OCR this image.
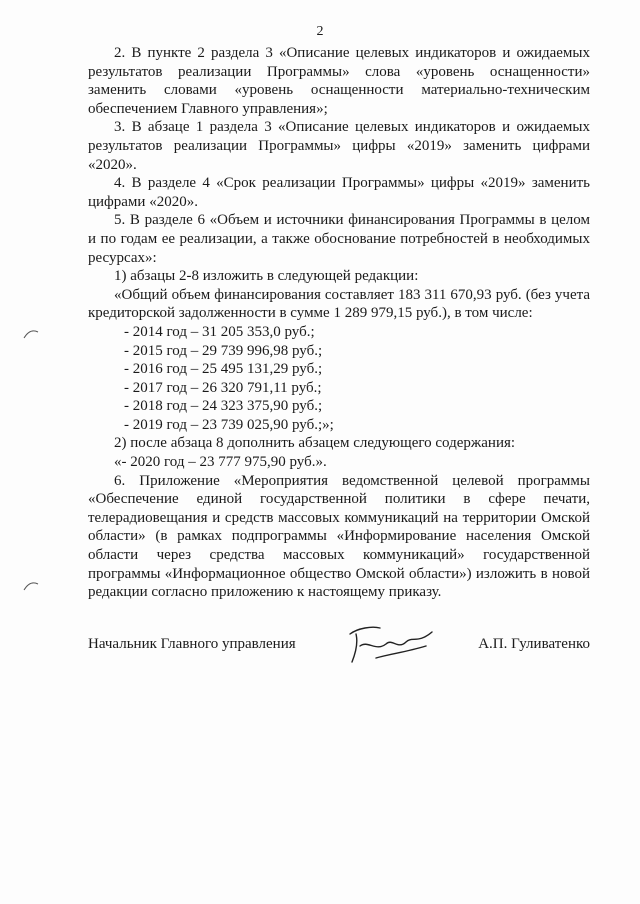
2

2. В пункте 2 раздела 3 «Описание целевых индикаторов и ожидаемых результатов реализации Программы» слова «уровень оснащенности» заменить словами «уровень оснащенности материально-техническим обеспечением Главного управления»;

3. В абзаце 1 раздела 3 «Описание целевых индикаторов и ожидаемых результатов реализации Программы» цифры «2019» заменить цифрами «2020».

4. В разделе 4 «Срок реализации Программы» цифры «2019» заменить цифрами «2020».

5. В разделе 6 «Объем и источники финансирования Программы в целом и по годам ее реализации, а также обоснование потребностей в необходимых ресурсах»:

1) абзацы 2-8 изложить в следующей редакции:

«Общий объем финансирования составляет 183 311 670,93 руб. (без учета кредиторской задолженности в сумме 1 289 979,15 руб.), в том числе:

- 2014 год – 31 205 353,0 руб.;
- 2015 год – 29 739 996,98 руб.;
- 2016 год – 25 495 131,29 руб.;
- 2017 год – 26 320 791,11 руб.;
- 2018 год – 24 323 375,90 руб.;
- 2019 год – 23 739 025,90 руб.;»;

2) после абзаца 8 дополнить абзацем следующего содержания:

«- 2020 год – 23 777 975,90 руб.».

6. Приложение «Мероприятия ведомственной целевой программы «Обеспечение единой государственной политики в сфере печати, телерадиовещания и средств массовых коммуникаций на территории Омской области» (в рамках подпрограммы «Информирование населения Омской области через средства массовых коммуникаций» государственной программы «Информационное общество Омской области») изложить в новой редакции согласно приложению к настоящему приказу.

Начальник Главного управления	А.П. Гуливатенко
